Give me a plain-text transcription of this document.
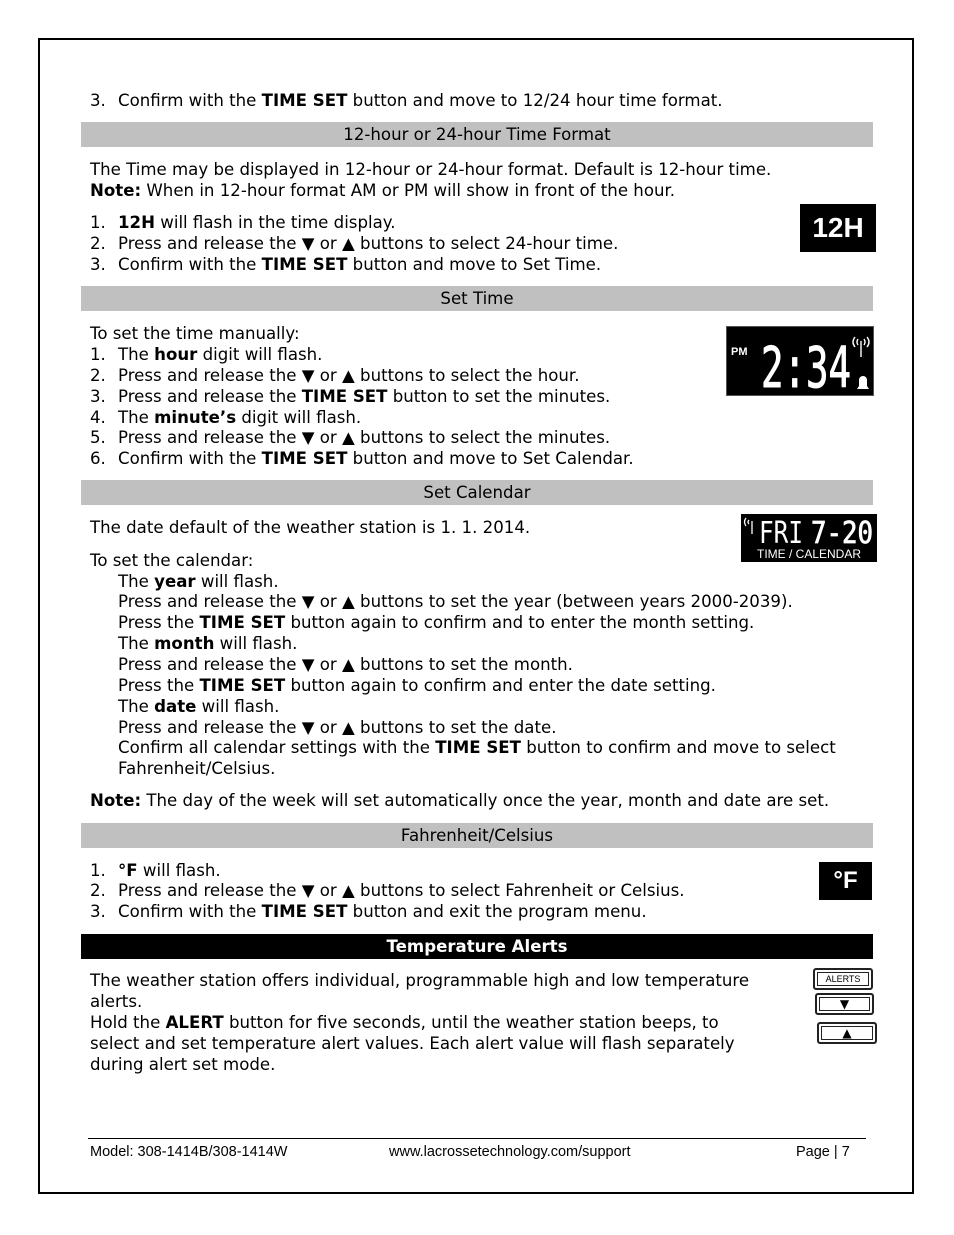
3. Confirm with the TIME SET button and move to 12/24 hour time format.
12-hour or 24-hour Time Format
The Time may be displayed in 12-hour or 24-hour format. Default is 12-hour time.
Note: When in 12-hour format AM or PM will show in front of the hour.
1. 12H will flash in the time display.
2. Press and release the ▼ or ▲ buttons to select 24-hour time.
3. Confirm with the TIME SET button and move to Set Time.
12H
Set Time
To set the time manually:
1. The hour digit will flash.
2. Press and release the ▼ or ▲ buttons to select the hour.
3. Press and release the TIME SET button to set the minutes.
4. The minute’s digit will flash.
5. Press and release the ▼ or ▲ buttons to select the minutes.
6. Confirm with the TIME SET button and move to Set Calendar.
PM 2:34
Set Calendar
The date default of the weather station is 1. 1. 2014.
To set the calendar:
The year will flash.
Press and release the ▼ or ▲ buttons to set the year (between years 2000-2039).
Press the TIME SET button again to confirm and to enter the month setting.
The month will flash.
Press and release the ▼ or ▲ buttons to set the month.
Press the TIME SET button again to confirm and enter the date setting.
The date will flash.
Press and release the ▼ or ▲ buttons to set the date.
Confirm all calendar settings with the TIME SET button to confirm and move to select
Fahrenheit/Celsius.
Note: The day of the week will set automatically once the year, month and date are set.
FRI 7-20
TIME / CALENDAR
Fahrenheit/Celsius
1. °F will flash.
2. Press and release the ▼ or ▲ buttons to select Fahrenheit or Celsius.
3. Confirm with the TIME SET button and exit the program menu.
°F
Temperature Alerts
The weather station offers individual, programmable high and low temperature
alerts.
Hold the ALERT button for five seconds, until the weather station beeps, to
select and set temperature alert values. Each alert value will flash separately
during alert set mode.
ALERTS
▼
▲
Model: 308-1414B/308-1414W	www.lacrossetechnology.com/support	Page | 7
